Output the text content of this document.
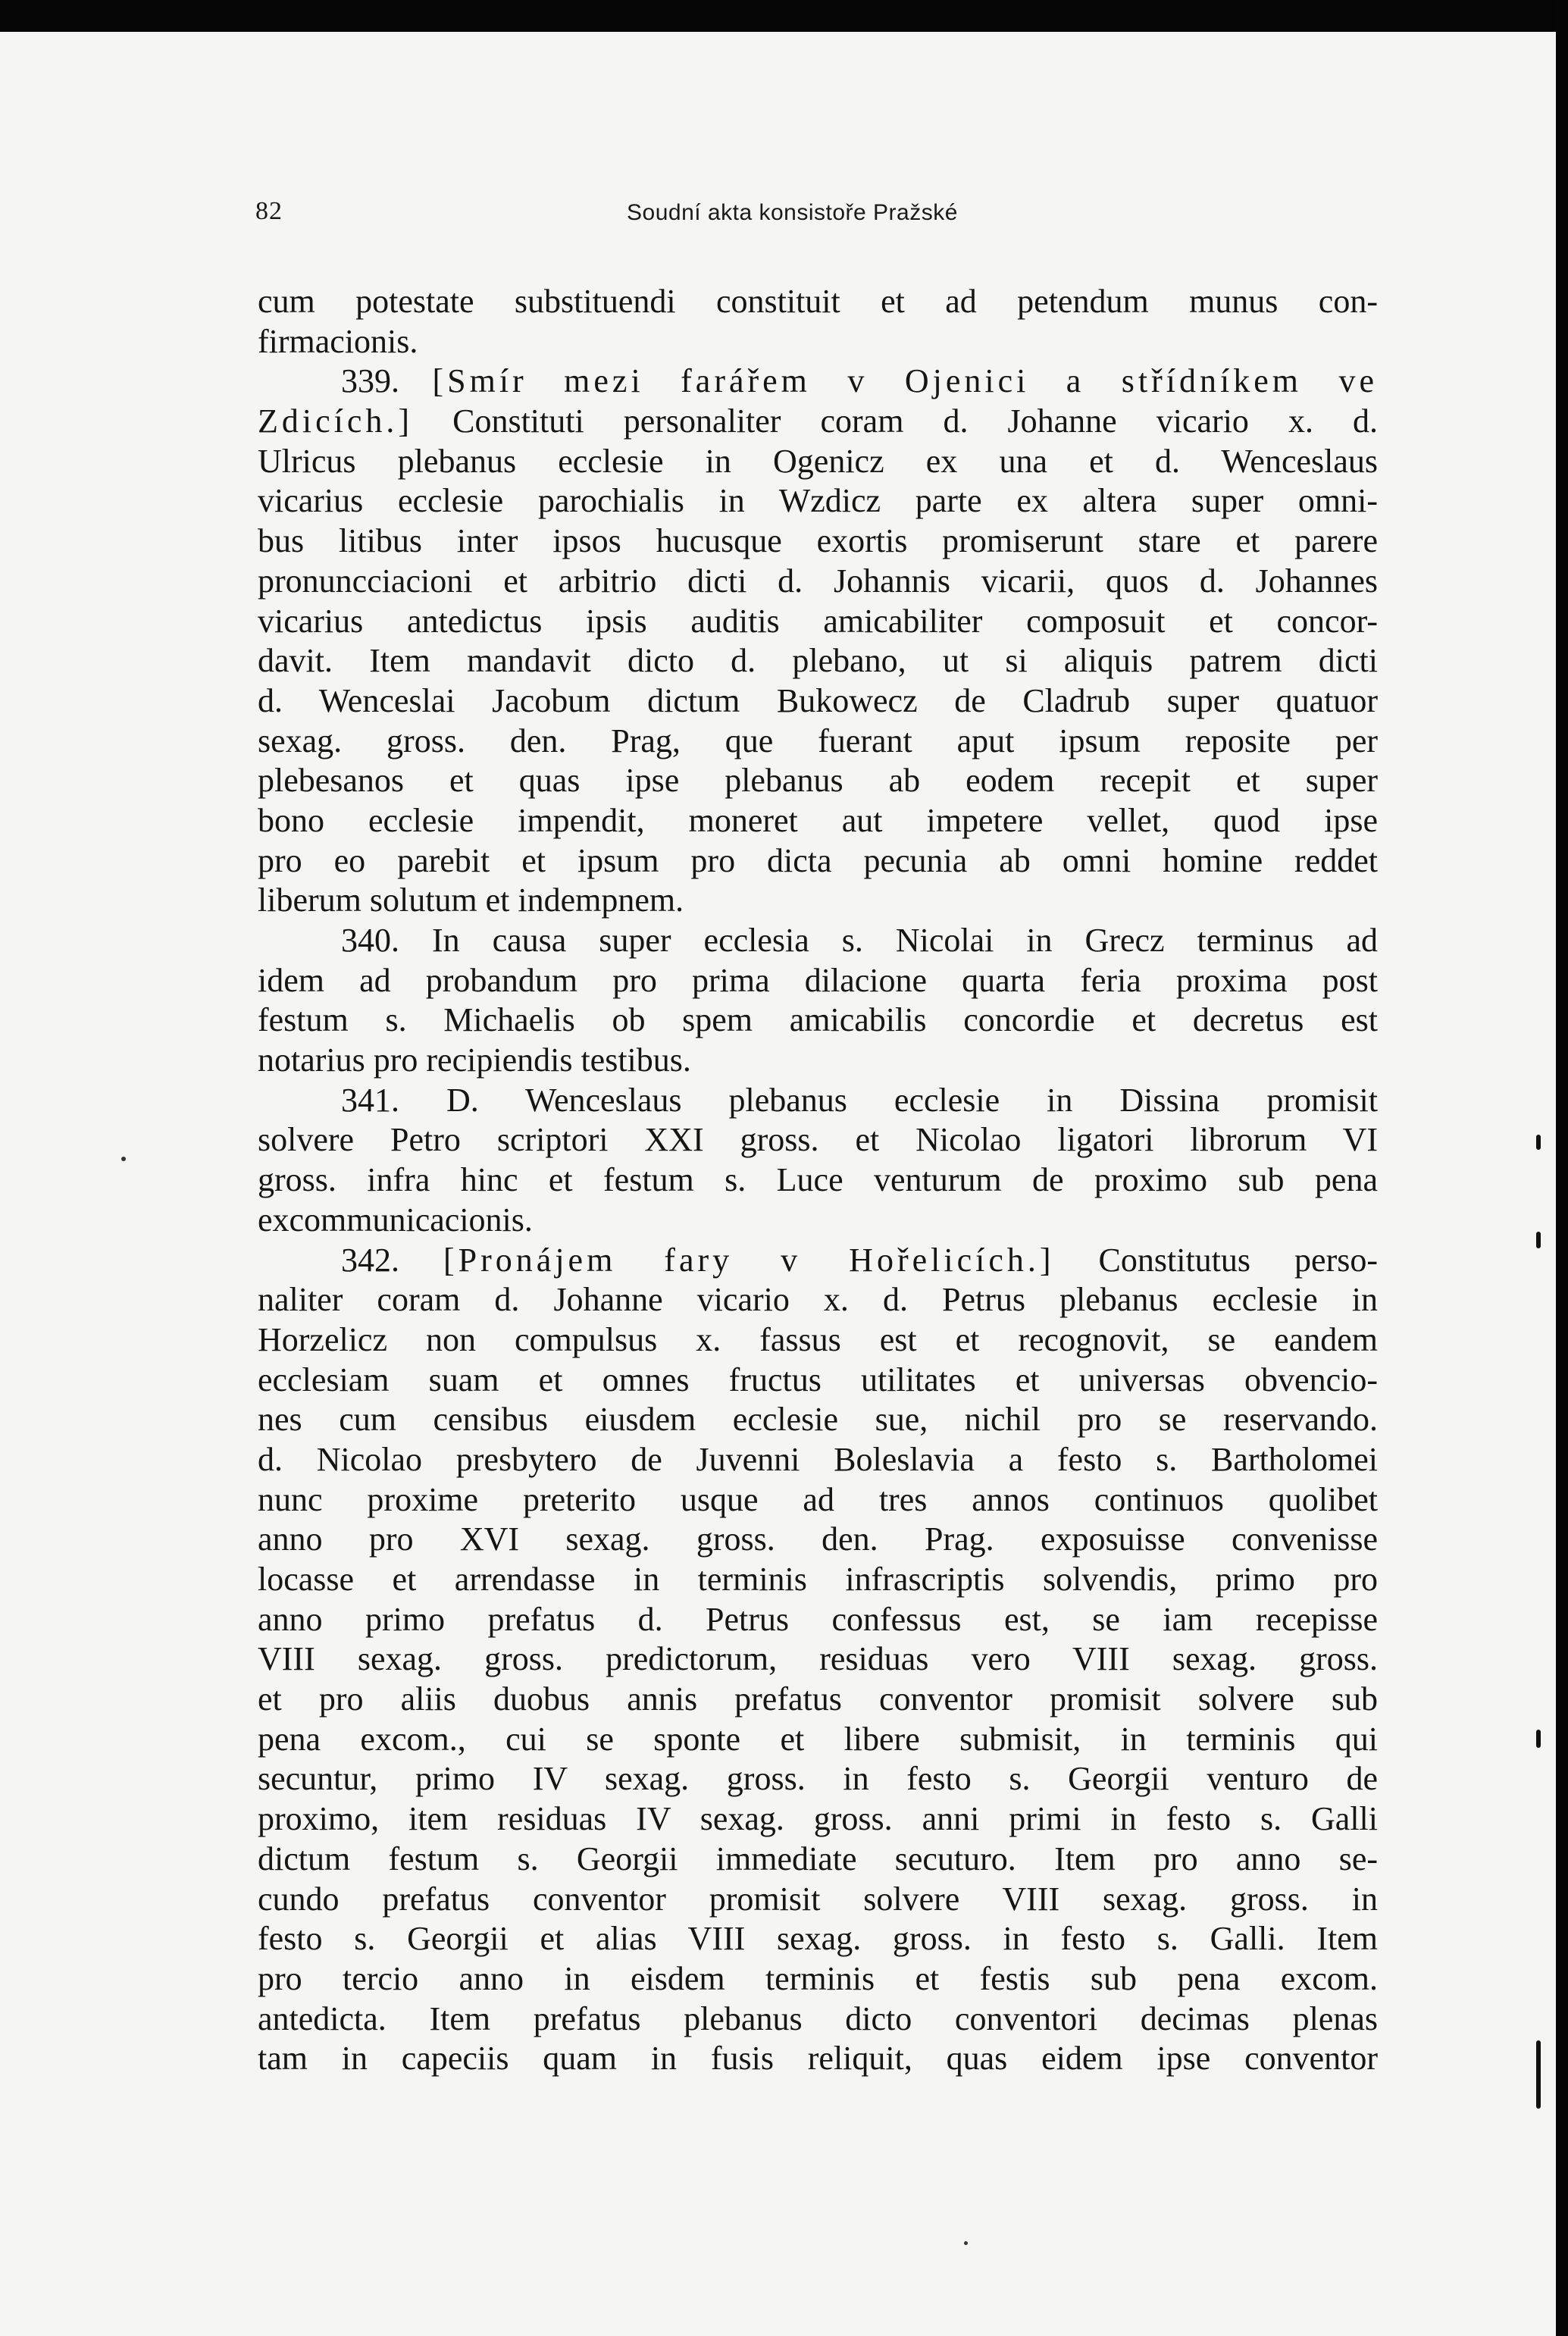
82	Soudní akta konsistoře Pražské
cum potestate substituendi constituit et ad petendum munus con-
firmacionis.
339. [Smír mezi farářem v Ojenici a střídníkem ve
Zdicích.] Constituti personaliter coram d. Johanne vicario x. d.
Ulricus plebanus ecclesie in Ogenicz ex una et d. Wenceslaus
vicarius ecclesie parochialis in Wzdicz parte ex altera super omni-
bus litibus inter ipsos hucusque exortis promiserunt stare et parere
pronuncciacioni et arbitrio dicti d. Johannis vicarii, quos d. Johannes
vicarius antedictus ipsis auditis amicabiliter composuit et concor-
davit. Item mandavit dicto d. plebano, ut si aliquis patrem dicti
d. Wenceslai Jacobum dictum Bukowecz de Cladrub super quatuor
sexag. gross. den. Prag, que fuerant aput ipsum reposite per
plebesanos et quas ipse plebanus ab eodem recepit et super
bono ecclesie impendit, moneret aut impetere vellet, quod ipse
pro eo parebit et ipsum pro dicta pecunia ab omni homine reddet
liberum solutum et indempnem.
340. In causa super ecclesia s. Nicolai in Grecz terminus ad
idem ad probandum pro prima dilacione quarta feria proxima post
festum s. Michaelis ob spem amicabilis concordie et decretus est
notarius pro recipiendis testibus.
341. D. Wenceslaus plebanus ecclesie in Dissina promisit
solvere Petro scriptori XXI gross. et Nicolao ligatori librorum VI
gross. infra hinc et festum s. Luce venturum de proximo sub pena
excommunicacionis.
342. [Pronájem fary v Hořelicích.] Constitutus perso-
naliter coram d. Johanne vicario x. d. Petrus plebanus ecclesie in
Horzelicz non compulsus x. fassus est et recognovit, se eandem
ecclesiam suam et omnes fructus utilitates et universas obvencio-
nes cum censibus eiusdem ecclesie sue, nichil pro se reservando.
d. Nicolao presbytero de Juvenni Boleslavia a festo s. Bartholomei
nunc proxime preterito usque ad tres annos continuos quolibet
anno pro XVI sexag. gross. den. Prag. exposuisse convenisse
locasse et arrendasse in terminis infrascriptis solvendis, primo pro
anno primo prefatus d. Petrus confessus est, se iam recepisse
VIII sexag. gross. predictorum, residuas vero VIII sexag. gross.
et pro aliis duobus annis prefatus conventor promisit solvere sub
pena excom., cui se sponte et libere submisit, in terminis qui
secuntur, primo IV sexag. gross. in festo s. Georgii venturo de
proximo, item residuas IV sexag. gross. anni primi in festo s. Galli
dictum festum s. Georgii immediate secuturo. Item pro anno se-
cundo prefatus conventor promisit solvere VIII sexag. gross. in
festo s. Georgii et alias VIII sexag. gross. in festo s. Galli. Item
pro tercio anno in eisdem terminis et festis sub pena excom.
antedicta. Item prefatus plebanus dicto conventori decimas plenas
tam in capeciis quam in fusis reliquit, quas eidem ipse conventor
